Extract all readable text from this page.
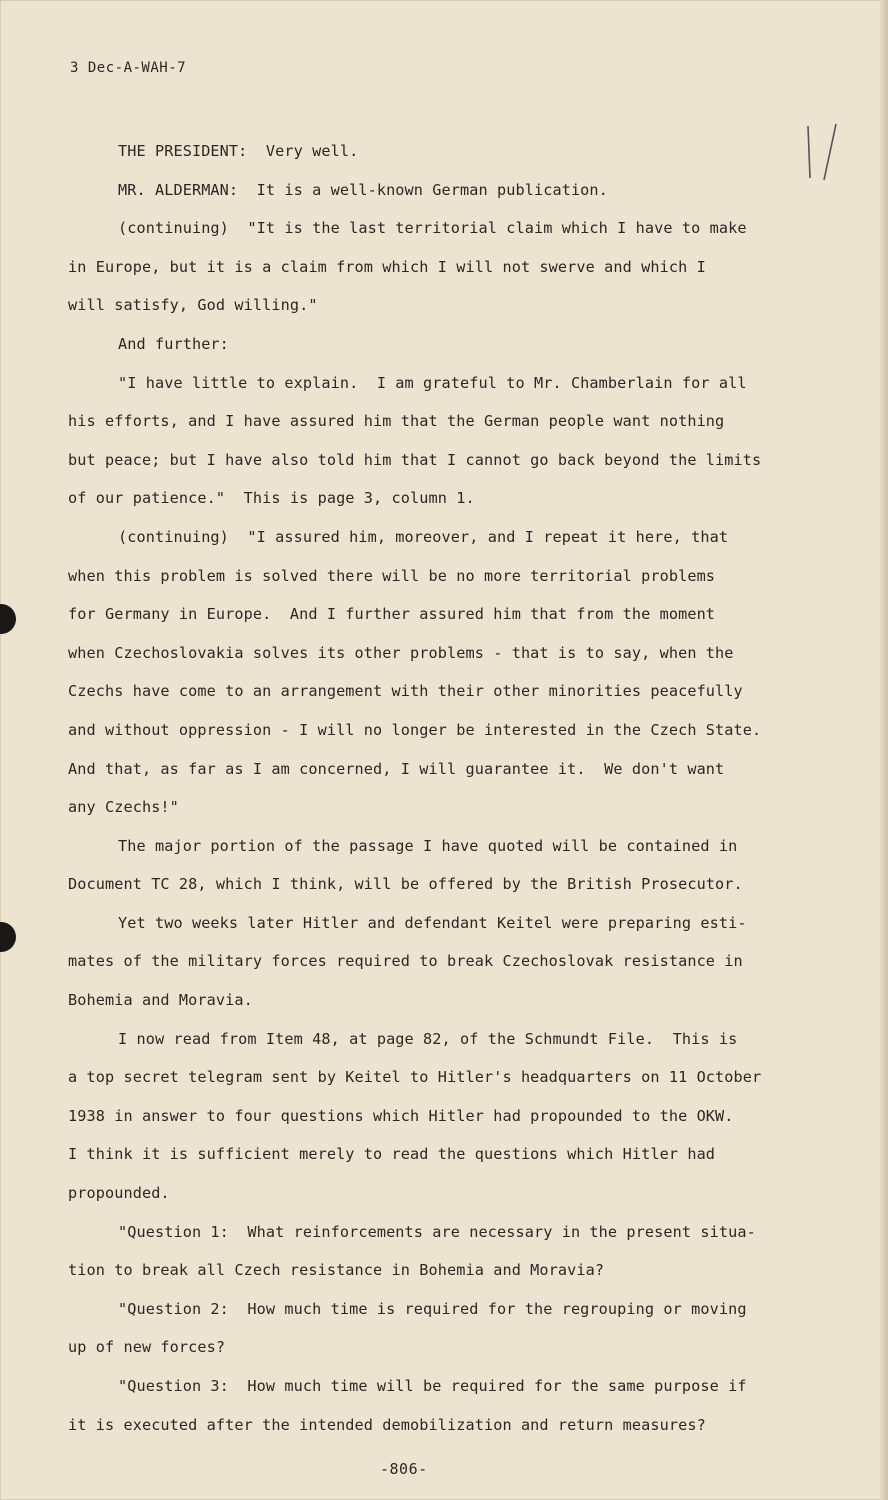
3 Dec-A-WAH-7
THE PRESIDENT:  Very well.
MR. ALDERMAN:  It is a well-known German publication.
(continuing)  "It is the last territorial claim which I have to make
in Europe, but it is a claim from which I will not swerve and which I
will satisfy, God willing."
And further:
"I have little to explain.  I am grateful to Mr. Chamberlain for all
his efforts, and I have assured him that the German people want nothing
but peace; but I have also told him that I cannot go back beyond the limits
of our patience."  This is page 3, column 1.
(continuing)  "I assured him, moreover, and I repeat it here, that
when this problem is solved there will be no more territorial problems
for Germany in Europe.  And I further assured him that from the moment
when Czechoslovakia solves its other problems - that is to say, when the
Czechs have come to an arrangement with their other minorities peacefully
and without oppression - I will no longer be interested in the Czech State.
And that, as far as I am concerned, I will guarantee it.  We don't want
any Czechs!"
The major portion of the passage I have quoted will be contained in
Document TC 28, which I think, will be offered by the British Prosecutor.
Yet two weeks later Hitler and defendant Keitel were preparing esti-
mates of the military forces required to break Czechoslovak resistance in
Bohemia and Moravia.
I now read from Item 48, at page 82, of the Schmundt File.  This is
a top secret telegram sent by Keitel to Hitler's headquarters on 11 October
1938 in answer to four questions which Hitler had propounded to the OKW.
I think it is sufficient merely to read the questions which Hitler had
propounded.
"Question 1:  What reinforcements are necessary in the present situa-
tion to break all Czech resistance in Bohemia and Moravia?
"Question 2:  How much time is required for the regrouping or moving
up of new forces?
"Question 3:  How much time will be required for the same purpose if
it is executed after the intended demobilization and return measures?
-806-
